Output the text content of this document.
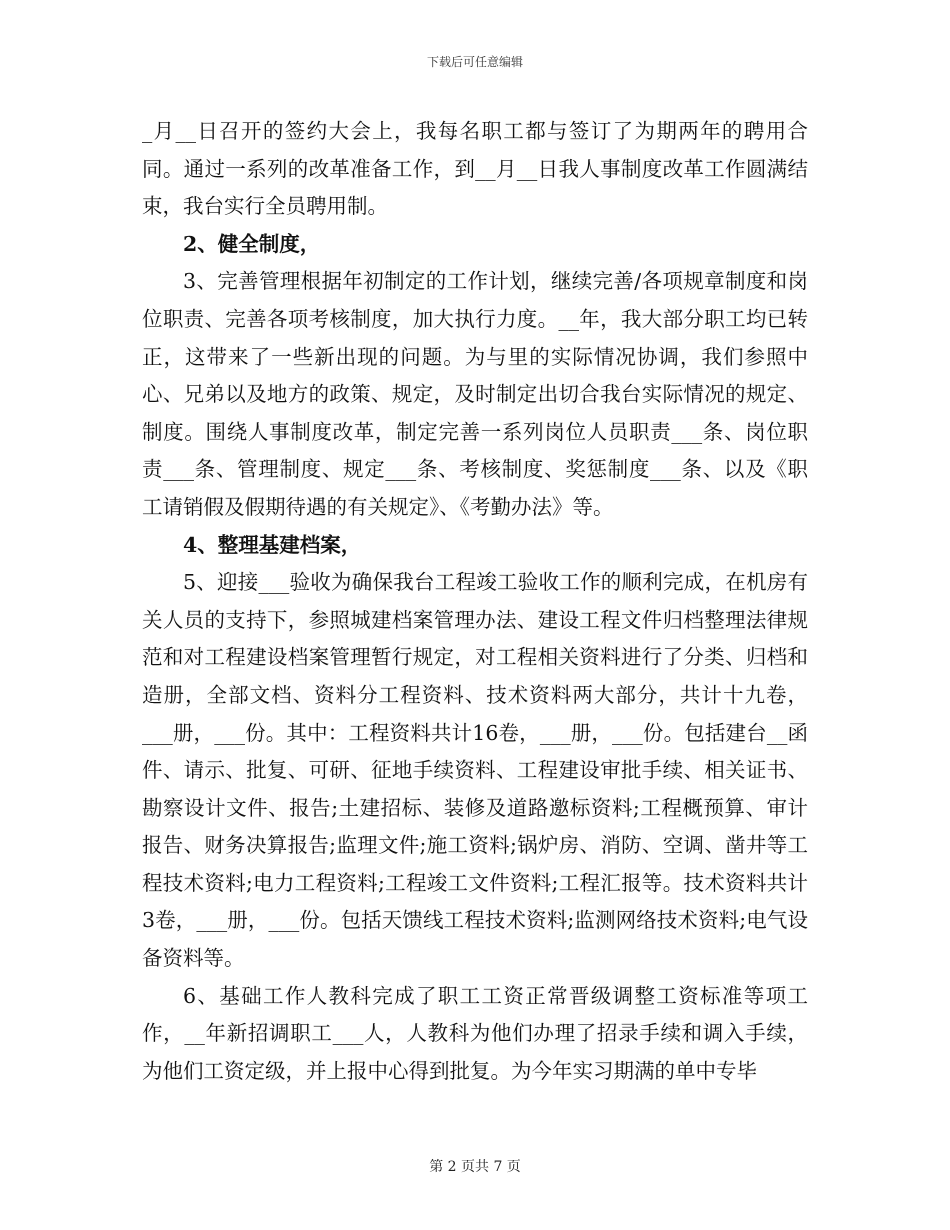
下载后可任意编辑

_月__日召开的签约大会上，我每名职工都与签订了为期两年的聘用合同。通过一系列的改革准备工作，到__月__日我人事制度改革工作圆满结束，我台实行全员聘用制。

2、健全制度，

3、完善管理根据年初制定的工作计划，继续完善/各项规章制度和岗位职责、完善各项考核制度，加大执行力度。__年，我大部分职工均已转正，这带来了一些新出现的问题。为与里的实际情况协调，我们参照中心、兄弟以及地方的政策、规定，及时制定出切合我台实际情况的规定、制度。围绕人事制度改革，制定完善一系列岗位人员职责___条、岗位职责___条、管理制度、规定___条、考核制度、奖惩制度___条、以及《职工请销假及假期待遇的有关规定》、《考勤办法》等。

4、整理基建档案，

5、迎接___验收为确保我台工程竣工验收工作的顺利完成，在机房有关人员的支持下，参照城建档案管理办法、建设工程文件归档整理法律规范和对工程建设档案管理暂行规定，对工程相关资料进行了分类、归档和造册，全部文档、资料分工程资料、技术资料两大部分，共计十九卷，___册，___份。其中：工程资料共计16卷，___册，___份。包括建台__函件、请示、批复、可研、征地手续资料、工程建设审批手续、相关证书、勘察设计文件、报告;土建招标、装修及道路邀标资料;工程概预算、审计报告、财务决算报告;监理文件;施工资料;锅炉房、消防、空调、凿井等工程技术资料;电力工程资料;工程竣工文件资料;工程汇报等。技术资料共计3卷，___册，___份。包括天馈线工程技术资料;监测网络技术资料;电气设备资料等。

6、基础工作人教科完成了职工工资正常晋级调整工资标准等项工作，__年新招调职工___人，人教科为他们办理了招录手续和调入手续，为他们工资定级，并上报中心得到批复。为今年实习期满的单中专毕

第 2 页共 7 页
